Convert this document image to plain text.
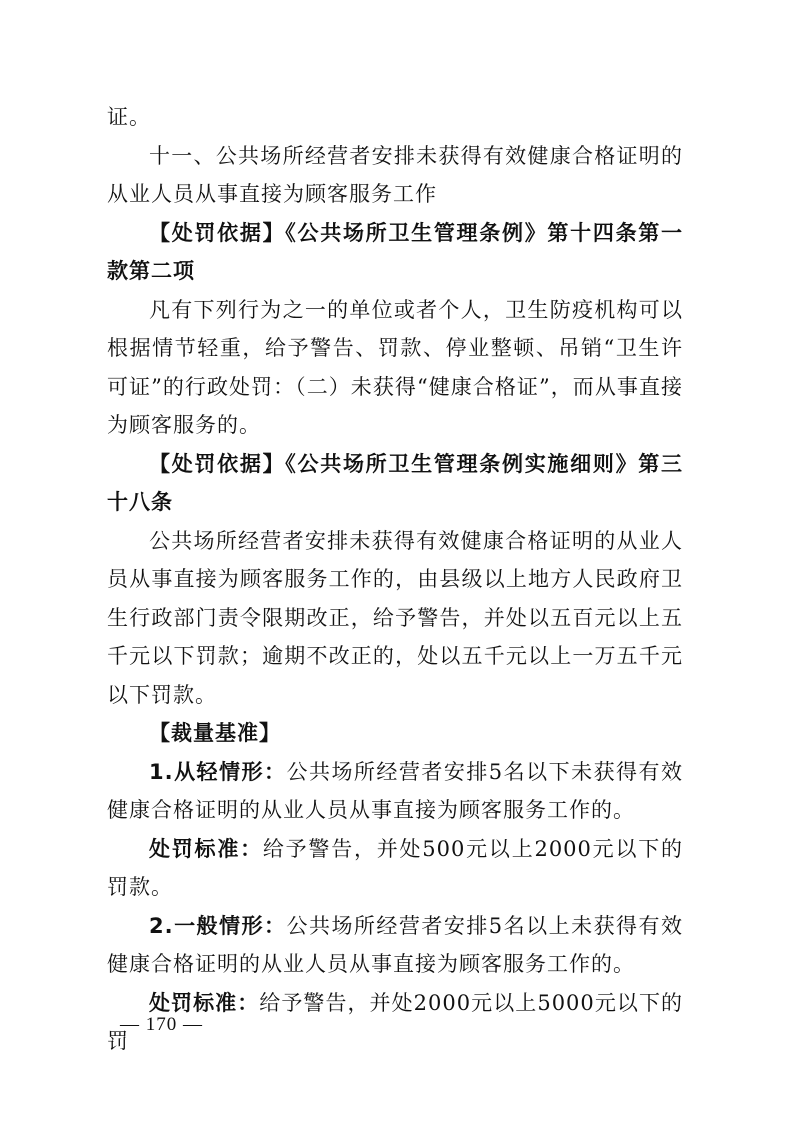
证。

十一、公共场所经营者安排未获得有效健康合格证明的从业人员从事直接为顾客服务工作

【处罚依据】《公共场所卫生管理条例》第十四条第一款第二项

凡有下列行为之一的单位或者个人，卫生防疫机构可以根据情节轻重，给予警告、罚款、停业整顿、吊销“卫生许可证”的行政处罚：（二）未获得“健康合格证”，而从事直接为顾客服务的。

【处罚依据】《公共场所卫生管理条例实施细则》第三十八条

公共场所经营者安排未获得有效健康合格证明的从业人员从事直接为顾客服务工作的，由县级以上地方人民政府卫生行政部门责令限期改正，给予警告，并处以五百元以上五千元以下罚款；逾期不改正的，处以五千元以上一万五千元以下罚款。

【裁量基准】

1.从轻情形：公共场所经营者安排5名以下未获得有效健康合格证明的从业人员从事直接为顾客服务工作的。

处罚标准：给予警告，并处500元以上2000元以下的罚款。

2.一般情形：公共场所经营者安排5名以上未获得有效健康合格证明的从业人员从事直接为顾客服务工作的。

处罚标准：给予警告，并处2000元以上5000元以下的罚

— 170 —
